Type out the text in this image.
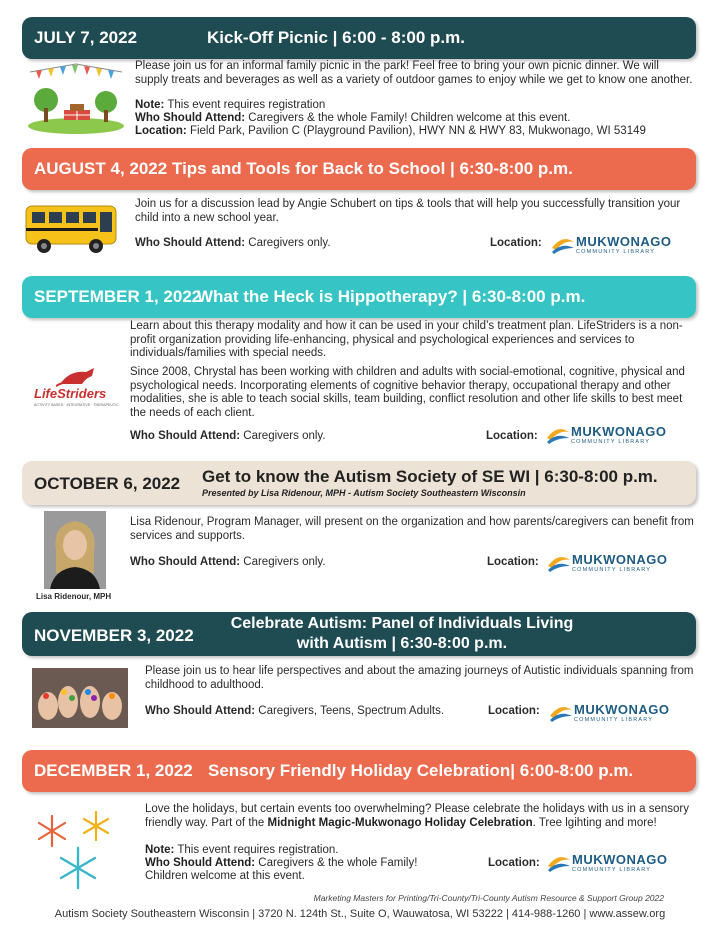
JULY 7, 2022	Kick-Off Picnic | 6:00 - 8:00 p.m.
Please join us for an informal family picnic in the park! Feel free to bring your own picnic dinner. We will supply treats and beverages as well as a variety of outdoor games to enjoy while we get to know one another.
Note: This event requires registration
Who Should Attend: Caregivers & the whole Family! Children welcome at this event.
Location: Field Park, Pavilion C (Playground Pavilion), HWY NN & HWY 83, Mukwonago, WI 53149
AUGUST 4, 2022 Tips and Tools for Back to School | 6:30-8:00 p.m.
Join us for a discussion lead by Angie Schubert on tips & tools that will help you successfully transition your child into a new school year.
Who Should Attend: Caregivers only.	Location:	MUKWONAGO
COMMUNITY LIBRARY
SEPTEMBER 1, 2022
What the Heck is Hippotherapy? | 6:30-8:00 p.m.
LifeStriders
ACTIVITY BASED · INTEGRATIVE · THERAPEUTIC
Learn about this therapy modality and how it can be used in your child’s treatment plan. LifeStriders is a non-profit organization providing life-enhancing, physical and psychological experiences and services to individuals/families with special needs.
Since 2008, Chrystal has been working with children and adults with social-emotional, cognitive, physical and psychological needs. Incorporating elements of cognitive behavior therapy, occupational therapy and other modalities, she is able to teach social skills, team building, conflict resolution and other life skills to best meet the needs of each client.
Who Should Attend: Caregivers only.	Location:	MUKWONAGO
COMMUNITY LIBRARY
OCTOBER 6, 2022 Get to know the Autism Society of SE WI | 6:30-8:00 p.m.
Presented by Lisa Ridenour, MPH - Autism Society Southeastern Wisconsin
Lisa Ridenour, MPH
Lisa Ridenour, Program Manager, will present on the organization and how parents/caregivers can benefit from services and supports.
Who Should Attend: Caregivers only.	Location:	MUKWONAGO
COMMUNITY LIBRARY
NOVEMBER 3, 2022
Celebrate Autism: Panel of Individuals Living
with Autism | 6:30-8:00 p.m.
Please join us to hear life perspectives and about the amazing journeys of Autistic individuals spanning from childhood to adulthood.
Who Should Attend: Caregivers, Teens, Spectrum Adults.	Location:	MUKWONAGO
COMMUNITY LIBRARY
DECEMBER 1, 2022 Sensory Friendly Holiday Celebration| 6:00-8:00 p.m.
Love the holidays, but certain events too overwhelming? Please celebrate the holidays with us in a sensory friendly way. Part of the Midnight Magic-Mukwonago Holiday Celebration. Tree lgihting and more!
Note: This event requires registration.
Who Should Attend: Caregivers & the whole Family!
Children welcome at this event.
Location: MUKWONAGO
COMMUNITY LIBRARY
Marketing Masters for Printing/Tri-County/Tri-County Autism Resource & Support Group 2022
Autism Society Southeastern Wisconsin | 3720 N. 124th St., Suite O, Wauwatosa, WI 53222 | 414-988-1260 | www.assew.org
